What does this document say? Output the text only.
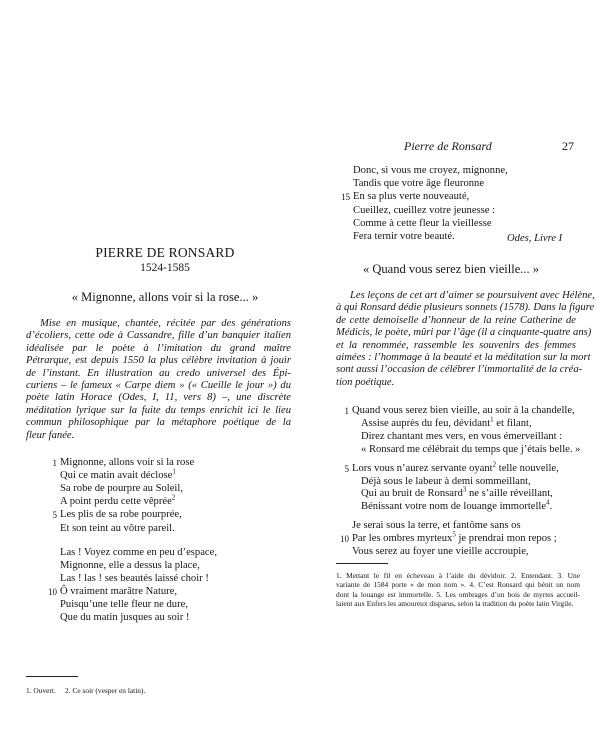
PIERRE DE RONSARD
1524-1585
« Mignonne, allons voir si la rose... »
Mise en musique, chantée, récitée par des générations
d’écoliers, cette ode à Cassandre, fille d’un banquier italien
idéalisée par le poète à l’imitation du grand maître
Pétrarque, est depuis 1550 la plus célèbre invitation à jouir
de l’instant. En illustration au credo universel des Épi-
curiens – le fameux « Carpe diem » (« Cueille le jour ») du
poète latin Horace (Odes, I, 11, vers 8) –, une discrète
méditation lyrique sur la fuite du temps enrichit ici le lieu
commun philosophique par la métaphore poétique de la
fleur fanée.
Mignonne, allons voir si la rose
1
Qui ce matin avait déclose$^1$
Sa robe de pourpre au Soleil,
A point perdu cette vêprée$^2$
Les plis de sa robe pourprée,
5
Et son teint au vôtre pareil.
Las ! Voyez comme en peu d’espace,
Mignonne, elle a dessus la place,
Las ! las ! ses beautés laissé choir !
Ô vraiment marâtre Nature,
10
Puisqu’une telle fleur ne dure,
Que du matin jusques au soir !
1. Ouvert. 2. Ce soir (vesper en latin).
Pierre de Ronsard	27
Donc, si vous me croyez, mignonne,
Tandis que votre âge fleuronne
En sa plus verte nouveauté,
15
Cueillez, cueillez votre jeunesse :
Comme à cette fleur la vieillesse
Fera ternir votre beauté.	Odes, Livre I
« Quand vous serez bien vieille... »
Les leçons de cet art d’aimer se poursuivent avec Hélène,
à qui Ronsard dédie plusieurs sonnets (1578). Dans la figure
de cette demoiselle d’honneur de la reine Catherine de
Médicis, le poète, mûri par l’âge (il a cinquante-quatre ans)
et la renommée, rassemble les souvenirs des femmes
aimées : l’hommage à la beauté et la méditation sur la mort
sont aussi l’occasion de célébrer l’immortalité de la créa-
tion poétique.
Quand vous serez bien vieille, au soir à la chandelle,
1
Assise auprès du feu, dévidant$^1$ et filant,
Direz chantant mes vers, en vous émerveillant :
« Ronsard me célébrait du temps que j’étais belle. »
Lors vous n’aurez servante oyant$^2$ telle nouvelle,
5
Déjà sous le labeur à demi sommeillant,
Qui au bruit de Ronsard$^3$ ne s’aille réveillant,
Bénissant votre nom de louange immortelle$^4$.
Je serai sous la terre, et fantôme sans os
Par les ombres myrteux$^5$ je prendrai mon repos ;
10
Vous serez au foyer une vieille accroupie,
1. Mettant le fil en écheveau à l’aide du dévidoir. 2. Entendant. 3. Une
variante de 1584 porte « de mon nom ». 4. C’est Ronsard qui bénit un nom
dont la louange est immortelle. 5. Les ombrages d’un bois de myrtes accueil-
laient aux Enfers les amoureux disparus, selon la tradition du poète latin Virgile.
